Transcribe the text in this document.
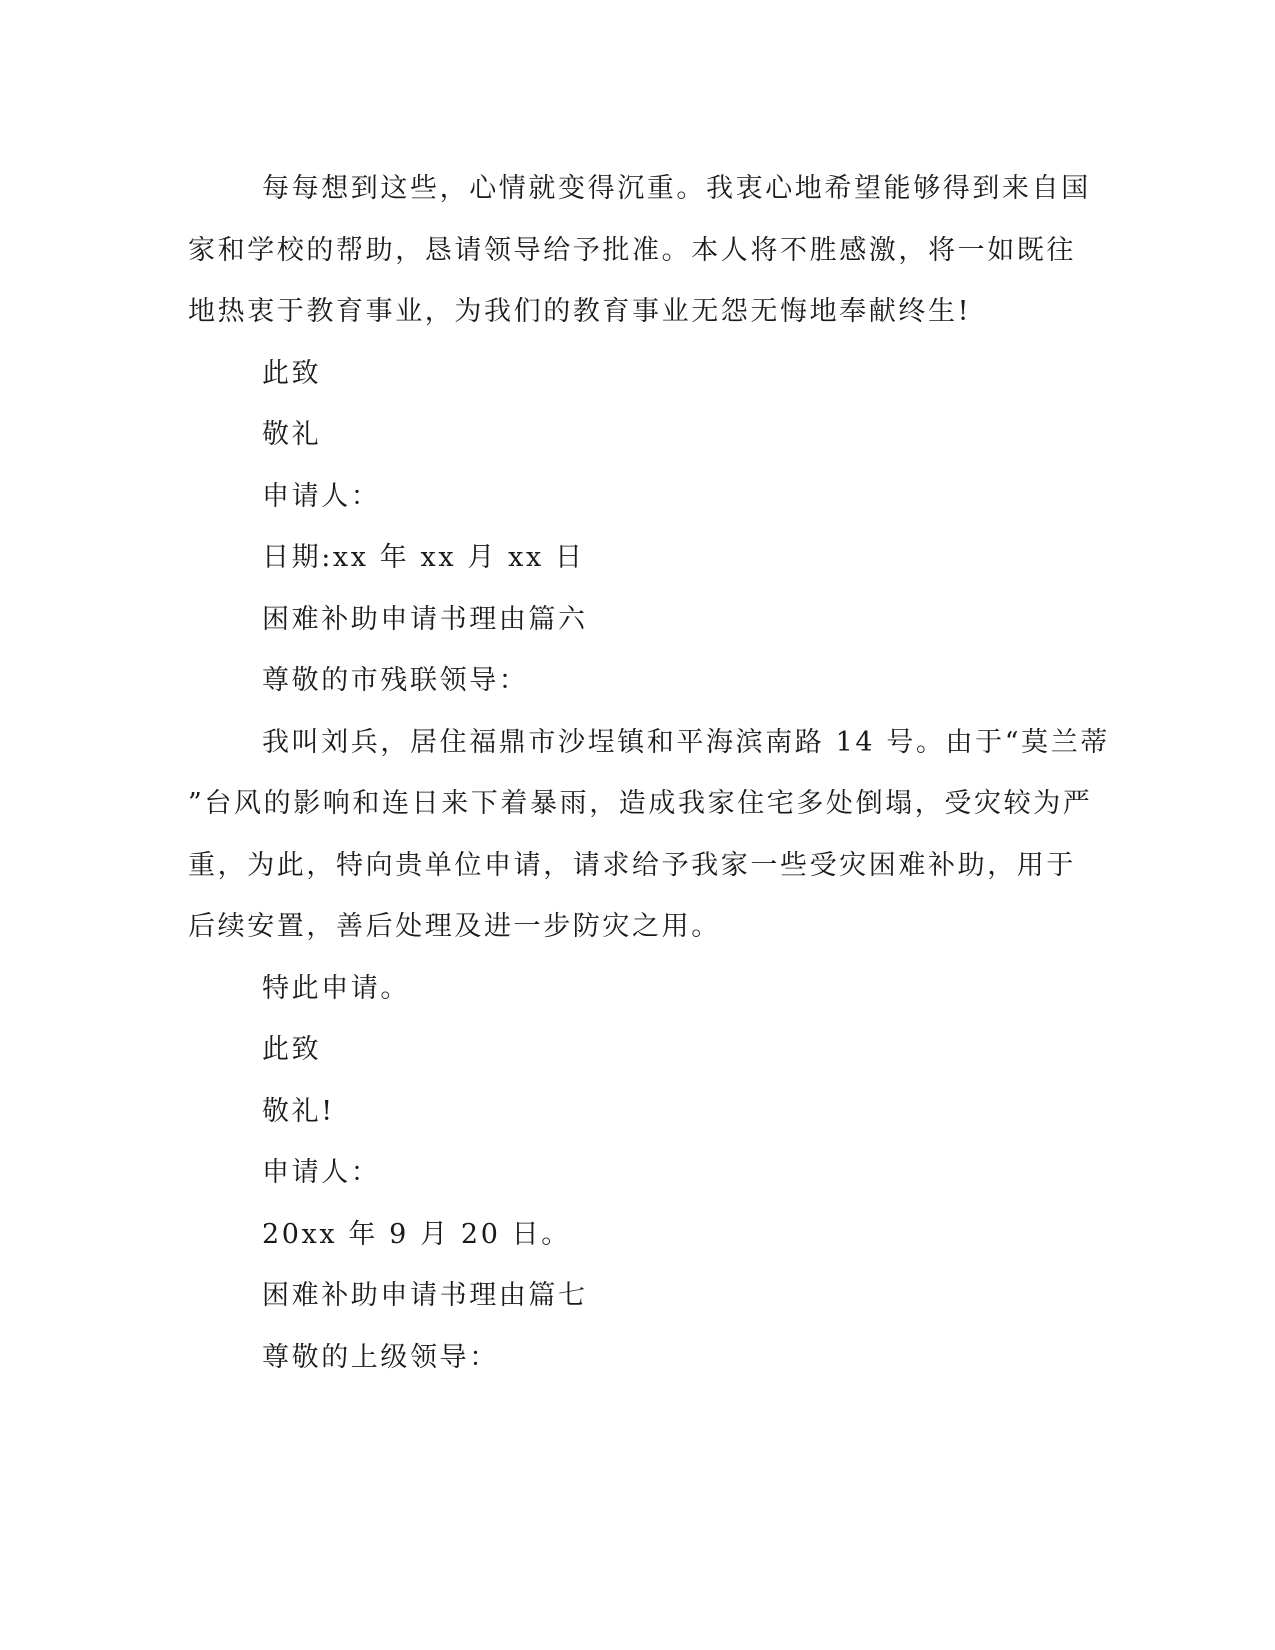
每每想到这些，心情就变得沉重。我衷心地希望能够得到来自国
家和学校的帮助，恳请领导给予批准。本人将不胜感激，将一如既往
地热衷于教育事业，为我们的教育事业无怨无悔地奉献终生!
此致
敬礼
申请人：
日期:xx 年 xx 月 xx 日
困难补助申请书理由篇六
尊敬的市残联领导：
我叫刘兵，居住福鼎市沙埕镇和平海滨南路 14 号。由于“莫兰蒂
”台风的影响和连日来下着暴雨，造成我家住宅多处倒塌，受灾较为严
重，为此，特向贵单位申请，请求给予我家一些受灾困难补助，用于
后续安置，善后处理及进一步防灾之用。
特此申请。
此致
敬礼!
申请人：
20xx 年 9 月 20 日。
困难补助申请书理由篇七
尊敬的上级领导：
